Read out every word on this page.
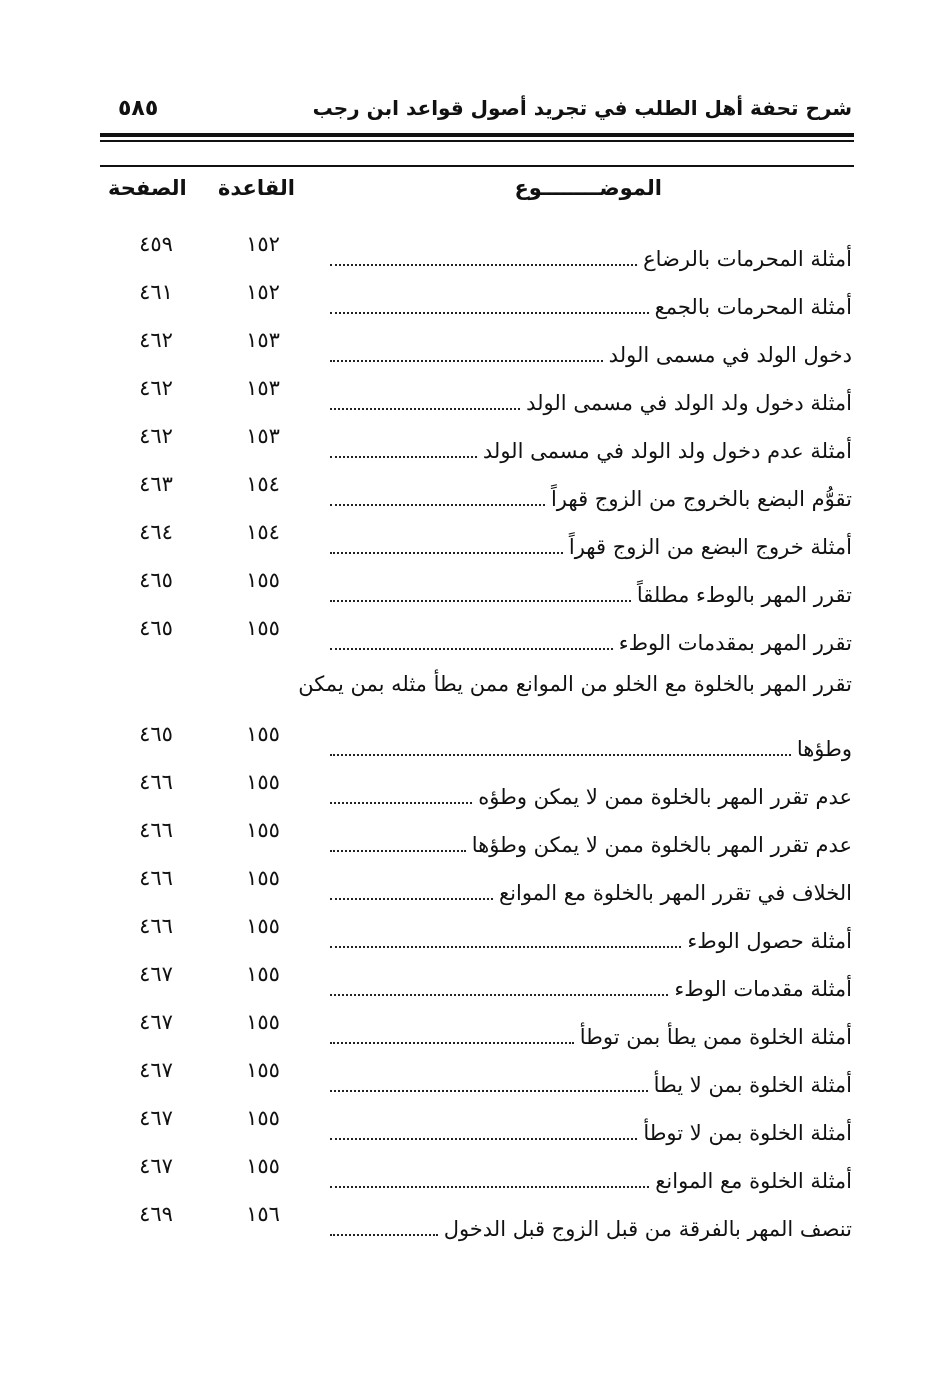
شرح تحفة أهل الطلب في تجريد أصول قواعد ابن رجب
٥٨٥
الموضــــــــوع
القاعدة
الصفحة
تقرر المهر بالخلوة مع الخلو من الموانع ممن يطأ مثله بمن يمكن
أمثلة المحرمات بالرضاع
١٥٢
٤٥٩
أمثلة المحرمات بالجمع
١٥٢
٤٦١
دخول الولد في مسمى الولد
١٥٣
٤٦٢
أمثلة دخول ولد الولد في مسمى الولد
١٥٣
٤٦٢
أمثلة عدم دخول ولد الولد في مسمى الولد
١٥٣
٤٦٢
تقوُّم البضع بالخروج من الزوج قهراً
١٥٤
٤٦٣
أمثلة خروج البضع من الزوج قهراً
١٥٤
٤٦٤
تقرر المهر بالوطء مطلقاً
١٥٥
٤٦٥
تقرر المهر بمقدمات الوطء
١٥٥
٤٦٥
وطؤها
١٥٥
٤٦٥
عدم تقرر المهر بالخلوة ممن لا يمكن وطؤه
١٥٥
٤٦٦
عدم تقرر المهر بالخلوة ممن لا يمكن وطؤها
١٥٥
٤٦٦
الخلاف في تقرر المهر بالخلوة مع الموانع
١٥٥
٤٦٦
أمثلة حصول الوطء
١٥٥
٤٦٦
أمثلة مقدمات الوطء
١٥٥
٤٦٧
أمثلة الخلوة ممن يطأ بمن توطأ
١٥٥
٤٦٧
أمثلة الخلوة بمن لا يطأ
١٥٥
٤٦٧
أمثلة الخلوة بمن لا توطأ
١٥٥
٤٦٧
أمثلة الخلوة مع الموانع
١٥٥
٤٦٧
تنصف المهر بالفرقة من قبل الزوج قبل الدخول
١٥٦
٤٦٩
